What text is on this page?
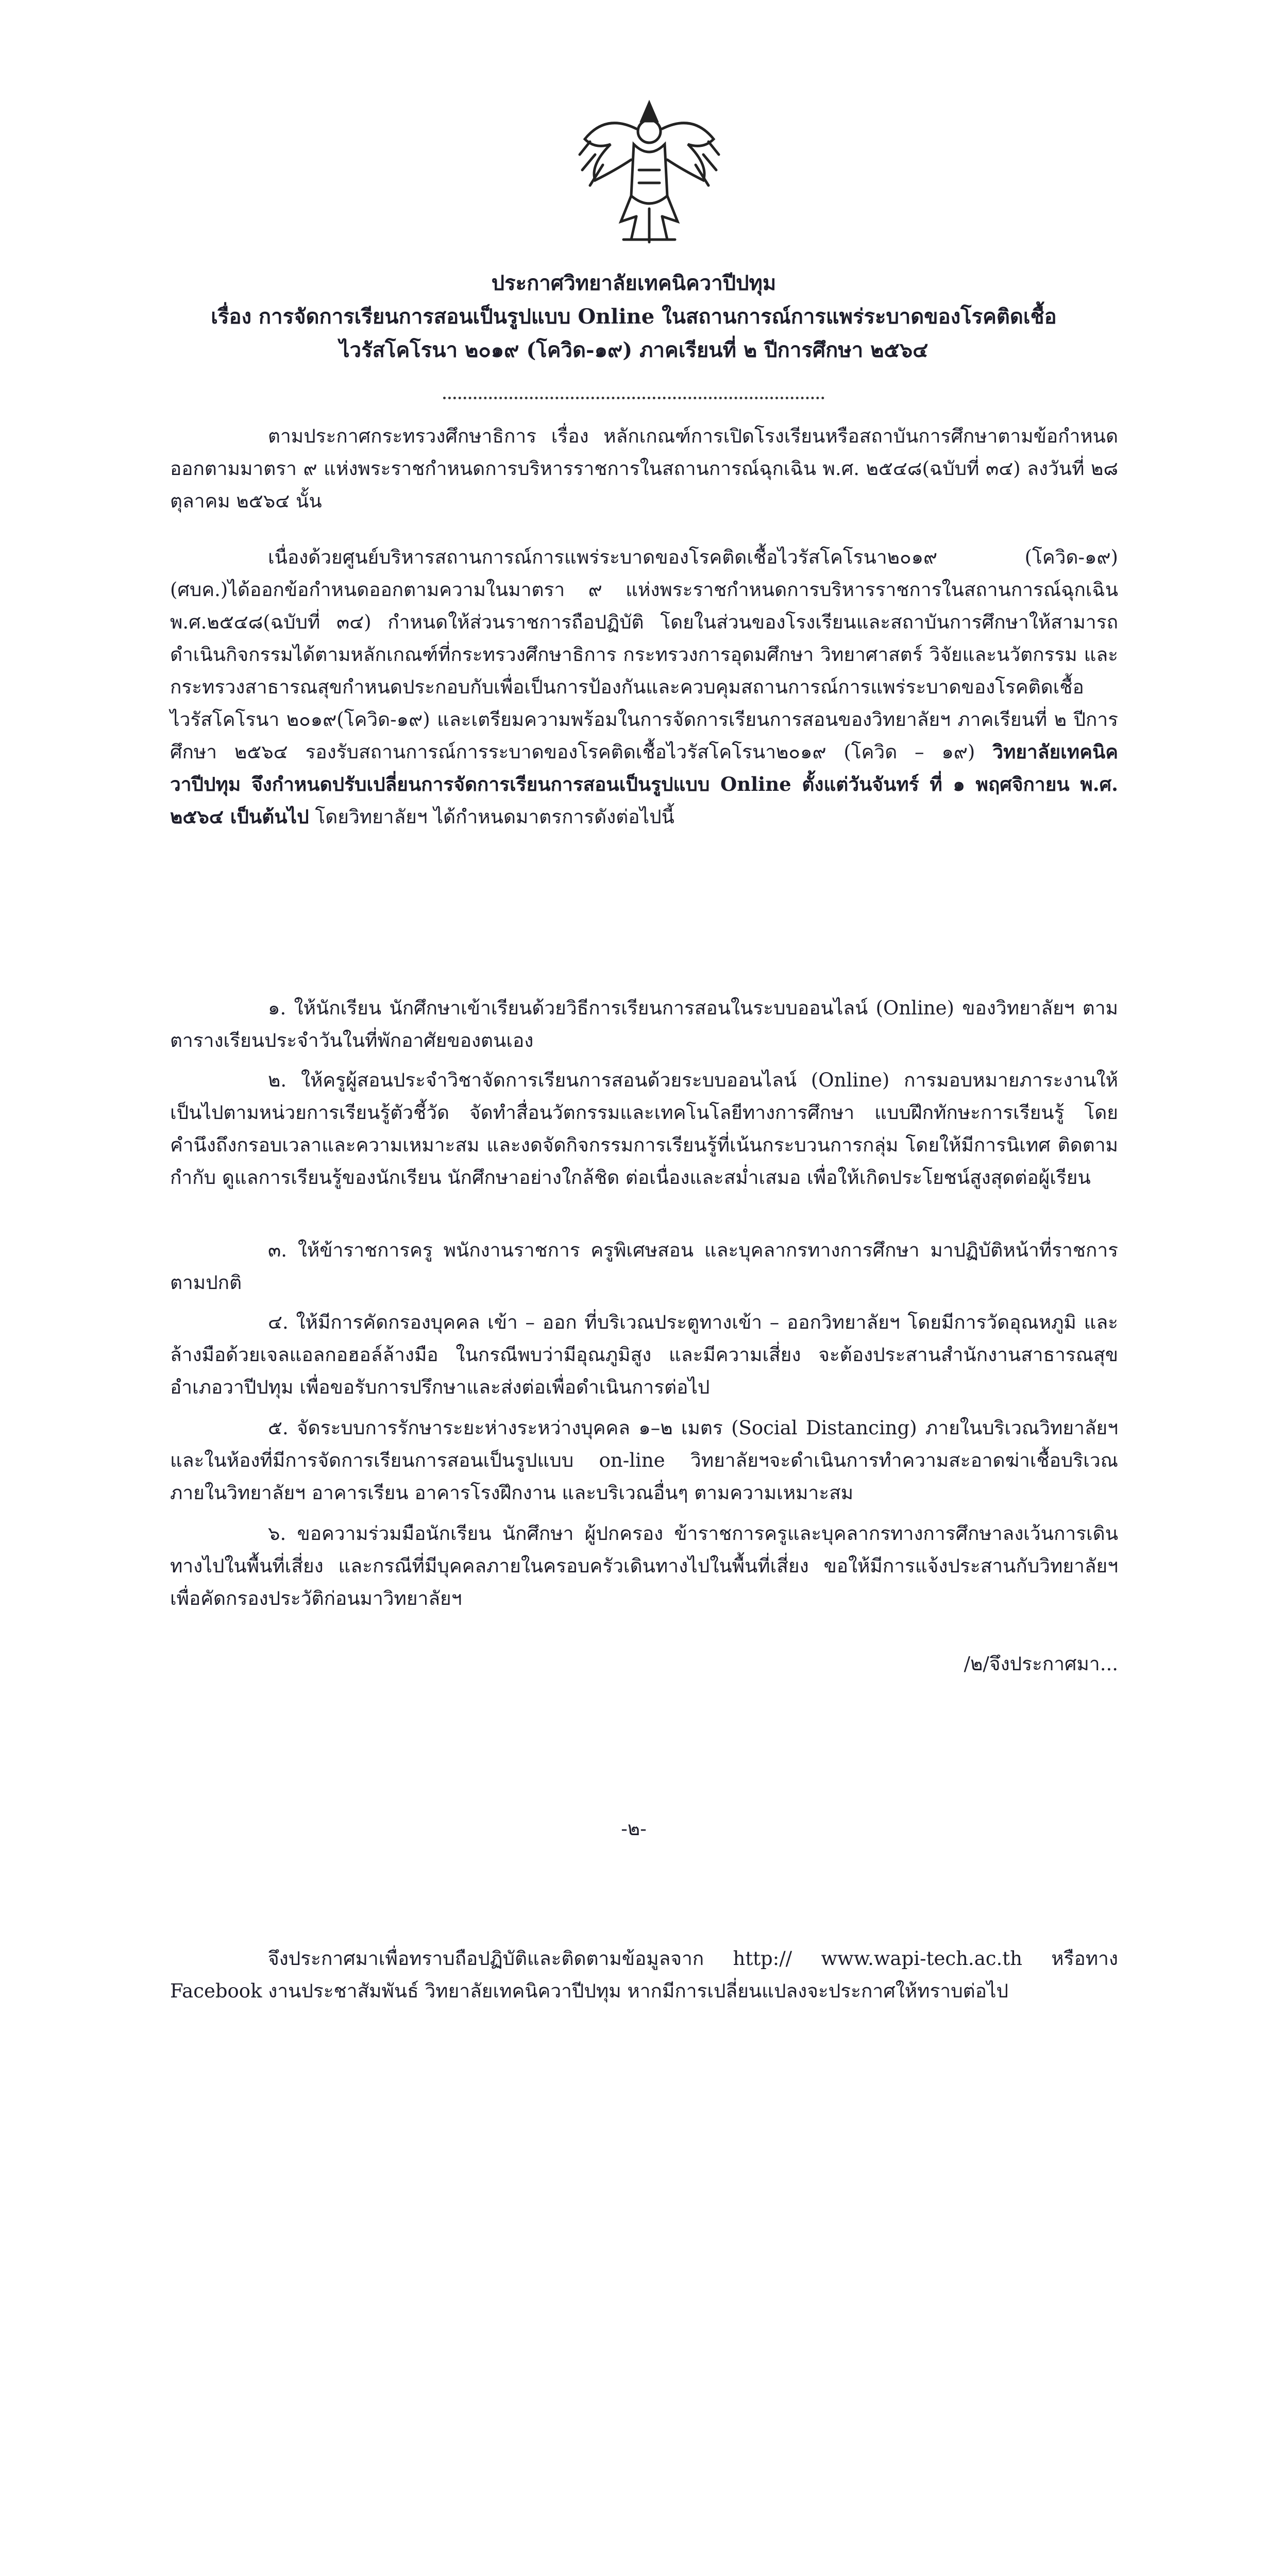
ประกาศวิทยาลัยเทคนิควาปีปทุม
เรื่อง การจัดการเรียนการสอนเป็นรูปแบบ Online ในสถานการณ์การแพร่ระบาดของโรคติดเชื้อ
ไวรัสโคโรนา ๒๐๑๙ (โควิด-๑๙) ภาคเรียนที่ ๒ ปีการศึกษา ๒๕๖๔

ตามประกาศกระทรวงศึกษาธิการ เรื่อง หลักเกณฑ์การเปิดโรงเรียนหรือสถาบันการศึกษาตามข้อกำหนดออกตามมาตรา ๙ แห่งพระราชกำหนดการบริหารราชการในสถานการณ์ฉุกเฉิน พ.ศ. ๒๕๔๘(ฉบับที่ ๓๔) ลงวันที่ ๒๘ ตุลาคม ๒๕๖๔ นั้น

เนื่องด้วยศูนย์บริหารสถานการณ์การแพร่ระบาดของโรคติดเชื้อไวรัสโคโรนา๒๐๑๙ (โควิด-๑๙) (ศบค.)ได้ออกข้อกำหนดออกตามความในมาตรา ๙ แห่งพระราชกำหนดการบริหารราชการในสถานการณ์ฉุกเฉิน พ.ศ.๒๕๔๘(ฉบับที่ ๓๔) กำหนดให้ส่วนราชการถือปฏิบัติ โดยในส่วนของโรงเรียนและสถาบันการศึกษาให้สามารถดำเนินกิจกรรมได้ตามหลักเกณฑ์ที่กระทรวงศึกษาธิการ กระทรวงการอุดมศึกษา วิทยาศาสตร์ วิจัยและนวัตกรรม และกระทรวงสาธารณสุขกำหนดประกอบกับเพื่อเป็นการป้องกันและควบคุมสถานการณ์การแพร่ระบาดของโรคติดเชื้อไวรัสโคโรนา ๒๐๑๙(โควิด-๑๙) และเตรียมความพร้อมในการจัดการเรียนการสอนของวิทยาลัยฯ ภาคเรียนที่ ๒ ปีการศึกษา ๒๕๖๔ รองรับสถานการณ์การระบาดของโรคติดเชื้อไวรัสโคโรนา๒๐๑๙ (โควิด – ๑๙) วิทยาลัยเทคนิควาปีปทุม จึงกำหนดปรับเปลี่ยนการจัดการเรียนการสอนเป็นรูปแบบ Online ตั้งแต่วันจันทร์ ที่ ๑ พฤศจิกายน พ.ศ. ๒๕๖๔ เป็นต้นไป โดยวิทยาลัยฯ ได้กำหนดมาตรการดังต่อไปนี้

๑. ให้นักเรียน นักศึกษาเข้าเรียนด้วยวิธีการเรียนการสอนในระบบออนไลน์ (Online) ของวิทยาลัยฯ ตามตารางเรียนประจำวันในที่พักอาศัยของตนเอง

๒. ให้ครูผู้สอนประจำวิชาจัดการเรียนการสอนด้วยระบบออนไลน์ (Online) การมอบหมายภาระงานให้เป็นไปตามหน่วยการเรียนรู้ตัวชี้วัด จัดทำสื่อนวัตกรรมและเทคโนโลยีทางการศึกษา แบบฝึกทักษะการเรียนรู้ โดยคำนึงถึงกรอบเวลาและความเหมาะสม และงดจัดกิจกรรมการเรียนรู้ที่เน้นกระบวนการกลุ่ม โดยให้มีการนิเทศ ติดตาม กำกับ ดูแลการเรียนรู้ของนักเรียน นักศึกษาอย่างใกล้ชิด ต่อเนื่องและสม่ำเสมอ เพื่อให้เกิดประโยชน์สูงสุดต่อผู้เรียน

๓. ให้ข้าราชการครู พนักงานราชการ ครูพิเศษสอน และบุคลากรทางการศึกษา มาปฏิบัติหน้าที่ราชการตามปกติ

๔. ให้มีการคัดกรองบุคคล เข้า – ออก ที่บริเวณประตูทางเข้า – ออกวิทยาลัยฯ โดยมีการวัดอุณหภูมิ และล้างมือด้วยเจลแอลกอฮอล์ล้างมือ ในกรณีพบว่ามีอุณภูมิสูง และมีความเสี่ยง จะต้องประสานสำนักงานสาธารณสุขอำเภอวาปีปทุม เพื่อขอรับการปรึกษาและส่งต่อเพื่อดำเนินการต่อไป

๕. จัดระบบการรักษาระยะห่างระหว่างบุคคล ๑–๒ เมตร (Social Distancing) ภายในบริเวณวิทยาลัยฯ และในห้องที่มีการจัดการเรียนการสอนเป็นรูปแบบ on-line วิทยาลัยฯจะดำเนินการทำความสะอาดฆ่าเชื้อบริเวณภายในวิทยาลัยฯ อาคารเรียน อาคารโรงฝึกงาน และบริเวณอื่นๆ ตามความเหมาะสม

๖. ขอความร่วมมือนักเรียน นักศึกษา ผู้ปกครอง ข้าราชการครูและบุคลากรทางการศึกษาลงเว้นการเดินทางไปในพื้นที่เสี่ยง และกรณีที่มีบุคคลภายในครอบครัวเดินทางไปในพื้นที่เสี่ยง ขอให้มีการแจ้งประสานกับวิทยาลัยฯ เพื่อคัดกรองประวัติก่อนมาวิทยาลัยฯ

/๒/จึงประกาศมา...
-๒-

จึงประกาศมาเพื่อทราบถือปฏิบัติและติดตามข้อมูลจาก http:// www.wapi-tech.ac.th หรือทาง Facebook งานประชาสัมพันธ์ วิทยาลัยเทคนิควาปีปทุม หากมีการเปลี่ยนแปลงจะประกาศให้ทราบต่อไป
